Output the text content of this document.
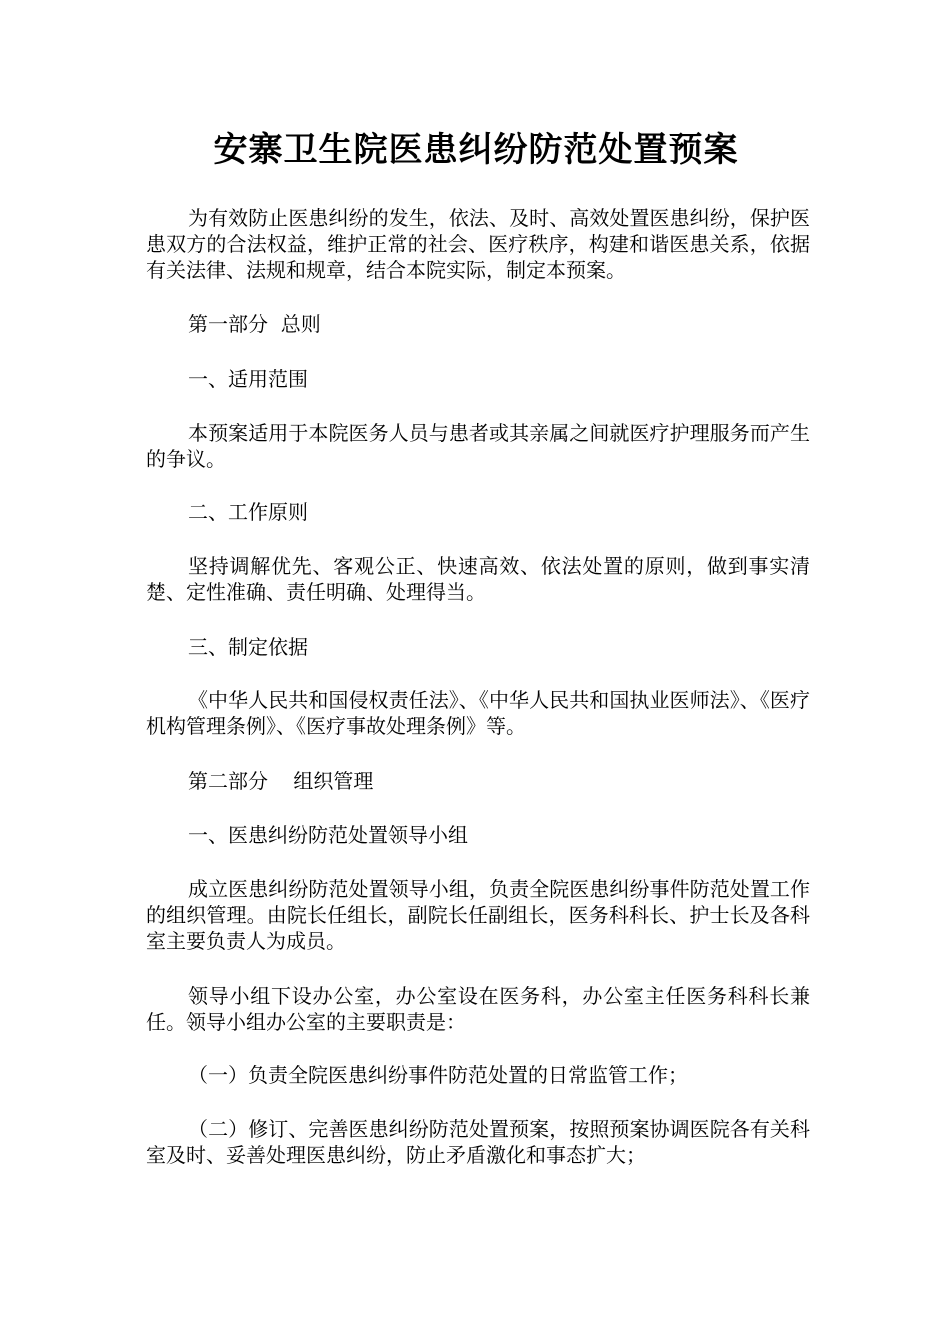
安寨卫生院医患纠纷防范处置预案

为有效防止医患纠纷的发生，依法、及时、高效处置医患纠纷，保护医患双方的合法权益，维护正常的社会、医疗秩序，构建和谐医患关系，依据有关法律、法规和规章，结合本院实际，制定本预案。

第一部分  总则

一、适用范围

本预案适用于本院医务人员与患者或其亲属之间就医疗护理服务而产生的争议。

二、工作原则

坚持调解优先、客观公正、快速高效、依法处置的原则，做到事实清楚、定性准确、责任明确、处理得当。

三、制定依据

《中华人民共和国侵权责任法》、《中华人民共和国执业医师法》、《医疗机构管理条例》、《医疗事故处理条例》等。

第二部分    组织管理

一、医患纠纷防范处置领导小组

成立医患纠纷防范处置领导小组，负责全院医患纠纷事件防范处置工作的组织管理。由院长任组长，副院长任副组长，医务科科长、护士长及各科室主要负责人为成员。

领导小组下设办公室，办公室设在医务科，办公室主任医务科科长兼任。领导小组办公室的主要职责是：

（一）负责全院医患纠纷事件防范处置的日常监管工作；

（二）修订、完善医患纠纷防范处置预案，按照预案协调医院各有关科室及时、妥善处理医患纠纷，防止矛盾激化和事态扩大；
